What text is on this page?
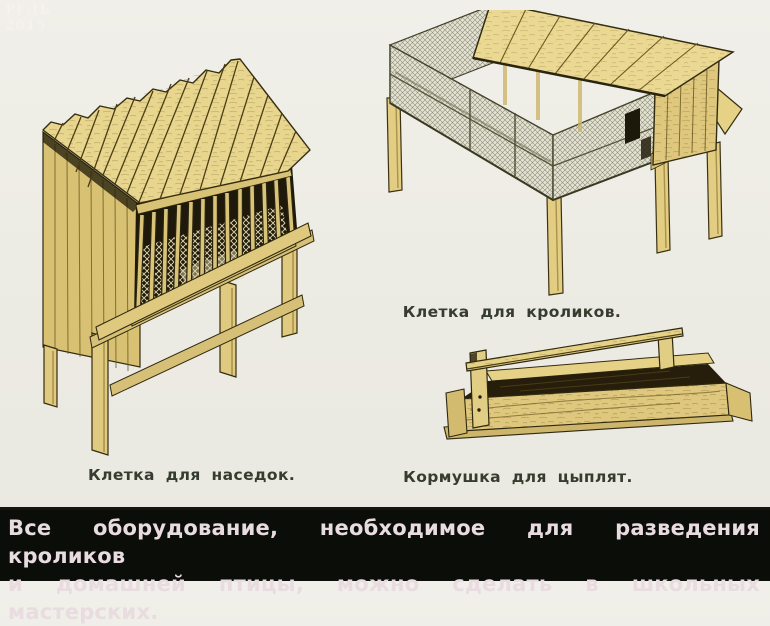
РГДБ
2015
Клетка для кроликов.
Клетка для наседок.	Кормушка для цыплят.
Все оборудование, необходимое для разведения кроликов
и домашней птицы, можно сделать в школьных мастерских.
